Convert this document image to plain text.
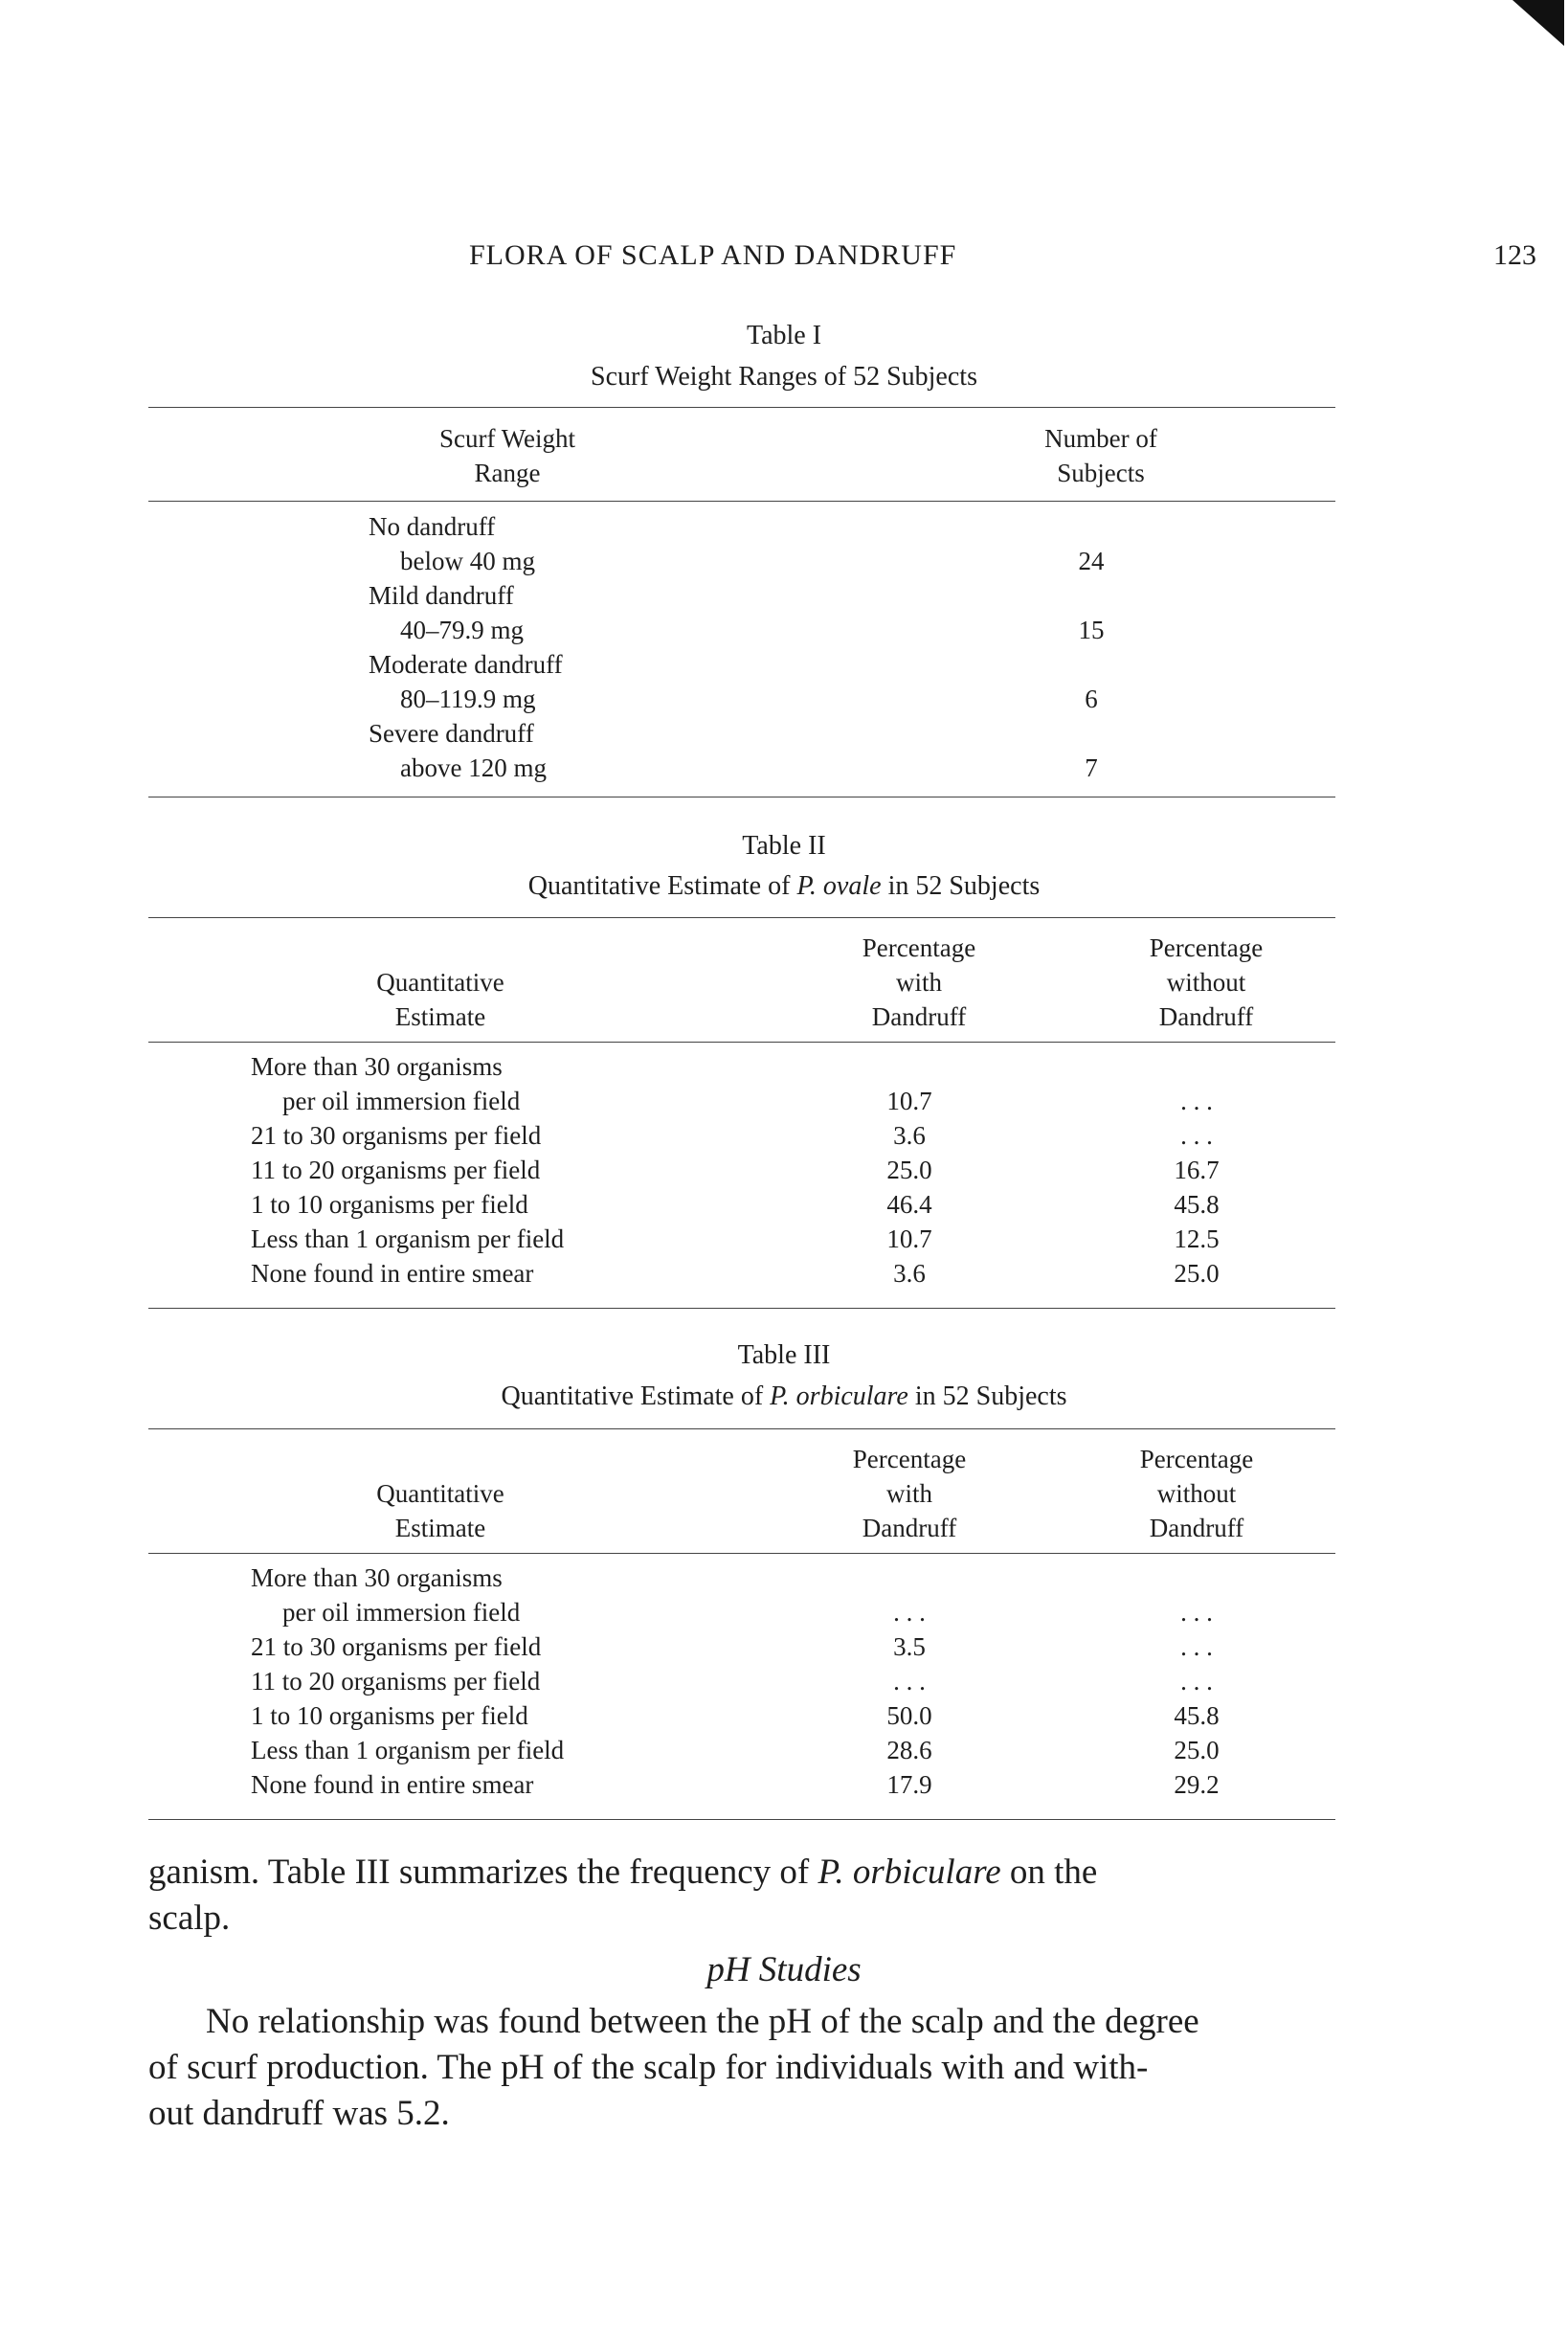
FLORA OF SCALP AND DANDRUFF	123
Table I
Scurf Weight Ranges of 52 Subjects
Scurf Weight
Range
Number of
Subjects
No dandruff
below 40 mg	24
Mild dandruff
40–79.9 mg	15
Moderate dandruff
80–119.9 mg	6
Severe dandruff
above 120 mg	7
Table II
Quantitative Estimate of P. ovale in 52 Subjects
Quantitative
Estimate
Percentage
with
Dandruff
Percentage
without
Dandruff
More than 30 organisms
per oil immersion field	10.7	. . .
21 to 30 organisms per field	3.6	. . .
11 to 20 organisms per field	25.0	16.7
1 to 10 organisms per field	46.4	45.8
Less than 1 organism per field	10.7	12.5
None found in entire smear	3.6	25.0
Table III
Quantitative Estimate of P. orbiculare in 52 Subjects
Quantitative
Estimate
Percentage
with
Dandruff
Percentage
without
Dandruff
More than 30 organisms
per oil immersion field	. . .	. . .
21 to 30 organisms per field	3.5	. . .
11 to 20 organisms per field	. . .	. . .
1 to 10 organisms per field	50.0	45.8
Less than 1 organism per field	28.6	25.0
None found in entire smear	17.9	29.2
ganism. Table III summarizes the frequency of P. orbiculare on the
scalp.
pH Studies
No relationship was found between the pH of the scalp and the degree
of scurf production. The pH of the scalp for individuals with and with-
out dandruff was 5.2.
